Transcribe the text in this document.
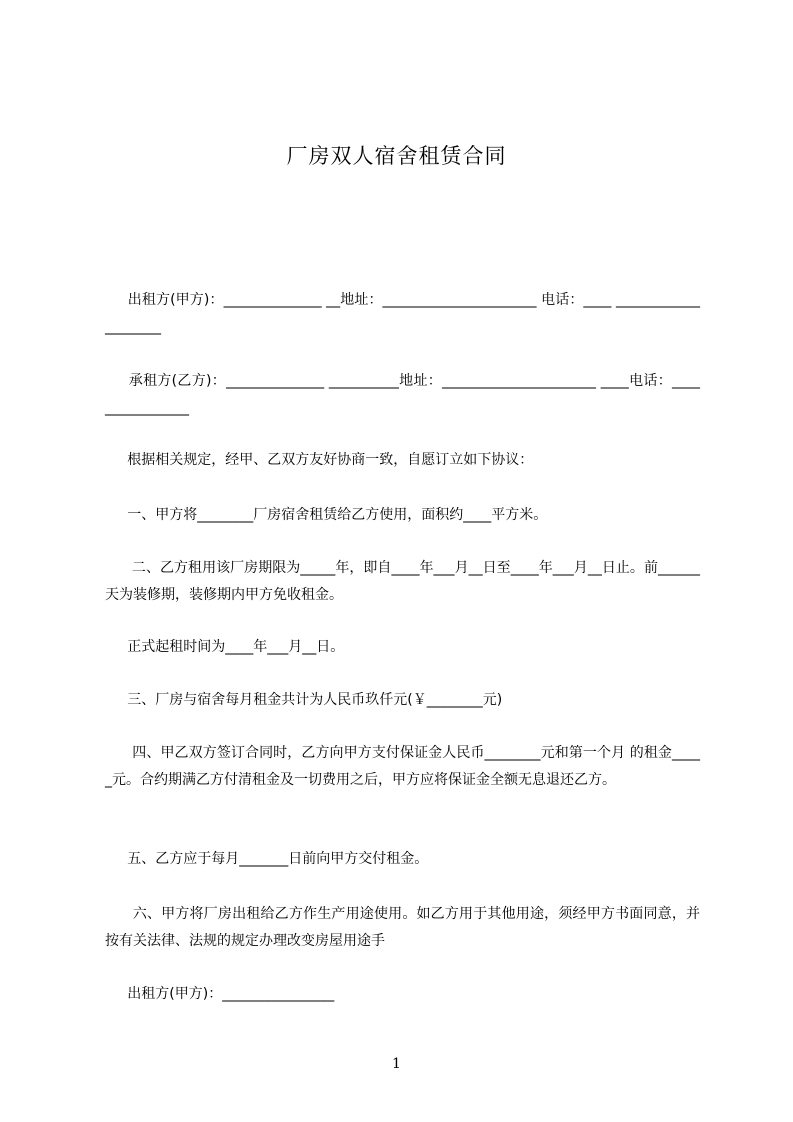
厂房双人宿舍租赁合同
出租方(甲方)：______________ __地址：______________________ 电话：____ ____________________
承租方(乙方)：______________ __________地址：______________________ ____电话：________________
根据相关规定，经甲、乙双方友好协商一致，自愿订立如下协议：
一、甲方将________厂房宿舍租赁给乙方使用，面积约____平方米。
二、乙方租用该厂房期限为_____年，即自____年___月__日至____年___月__日止。前______天为装修期，装修期内甲方免收租金。
正式起租时间为____年___月__日。
三、厂房与宿舍每月租金共计为人民币玖仟元(￥________元)
四、甲乙双方签订合同时，乙方向甲方支付保证金人民币________元和第一个月 的租金_____元。合约期满乙方付清租金及一切费用之后，甲方应将保证金全额无息退还乙方。
五、乙方应于每月_______日前向甲方交付租金。
六、甲方将厂房出租给乙方作生产用途使用。如乙方用于其他用途，须经甲方书面同意，并按有关法律、法规的规定办理改变房屋用途手
出租方(甲方)：________________
1
